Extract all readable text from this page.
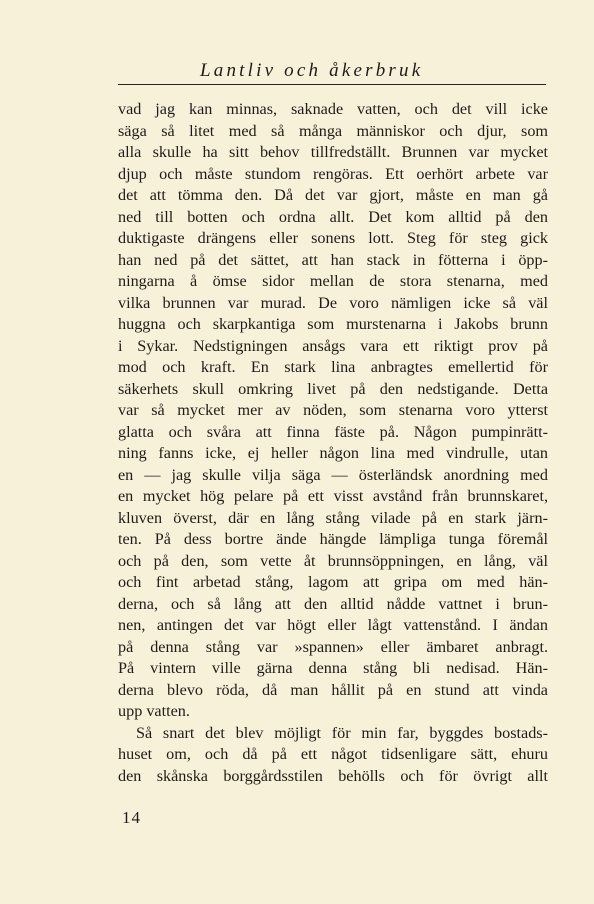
Lantliv och åkerbruk
vad jag kan minnas, saknade vatten, och det vill icke
säga så litet med så många människor och djur, som
alla skulle ha sitt behov tillfredställt. Brunnen var mycket
djup och måste stundom rengöras. Ett oerhört arbete var
det att tömma den. Då det var gjort, måste en man gå
ned till botten och ordna allt. Det kom alltid på den
duktigaste drängens eller sonens lott. Steg för steg gick
han ned på det sättet, att han stack in fötterna i öpp-
ningarna å ömse sidor mellan de stora stenarna, med
vilka brunnen var murad. De voro nämligen icke så väl
huggna och skarpkantiga som murstenarna i Jakobs brunn
i Sykar. Nedstigningen ansågs vara ett riktigt prov på
mod och kraft. En stark lina anbragtes emellertid för
säkerhets skull omkring livet på den nedstigande. Detta
var så mycket mer av nöden, som stenarna voro ytterst
glatta och svåra att finna fäste på. Någon pumpinrätt-
ning fanns icke, ej heller någon lina med vindrulle, utan
en — jag skulle vilja säga — österländsk anordning med
en mycket hög pelare på ett visst avstånd från brunnskaret,
kluven överst, där en lång stång vilade på en stark järn-
ten. På dess bortre ände hängde lämpliga tunga föremål
och på den, som vette åt brunnsöppningen, en lång, väl
och fint arbetad stång, lagom att gripa om med hän-
derna, och så lång att den alltid nådde vattnet i brun-
nen, antingen det var högt eller lågt vattenstånd. I ändan
på denna stång var »spannen» eller ämbaret anbragt.
På vintern ville gärna denna stång bli nedisad. Hän-
derna blevo röda, då man hållit på en stund att vinda
upp vatten.
Så snart det blev möjligt för min far, byggdes bostads-
huset om, och då på ett något tidsenligare sätt, ehuru
den skånska borggårdsstilen behölls och för övrigt allt
14
